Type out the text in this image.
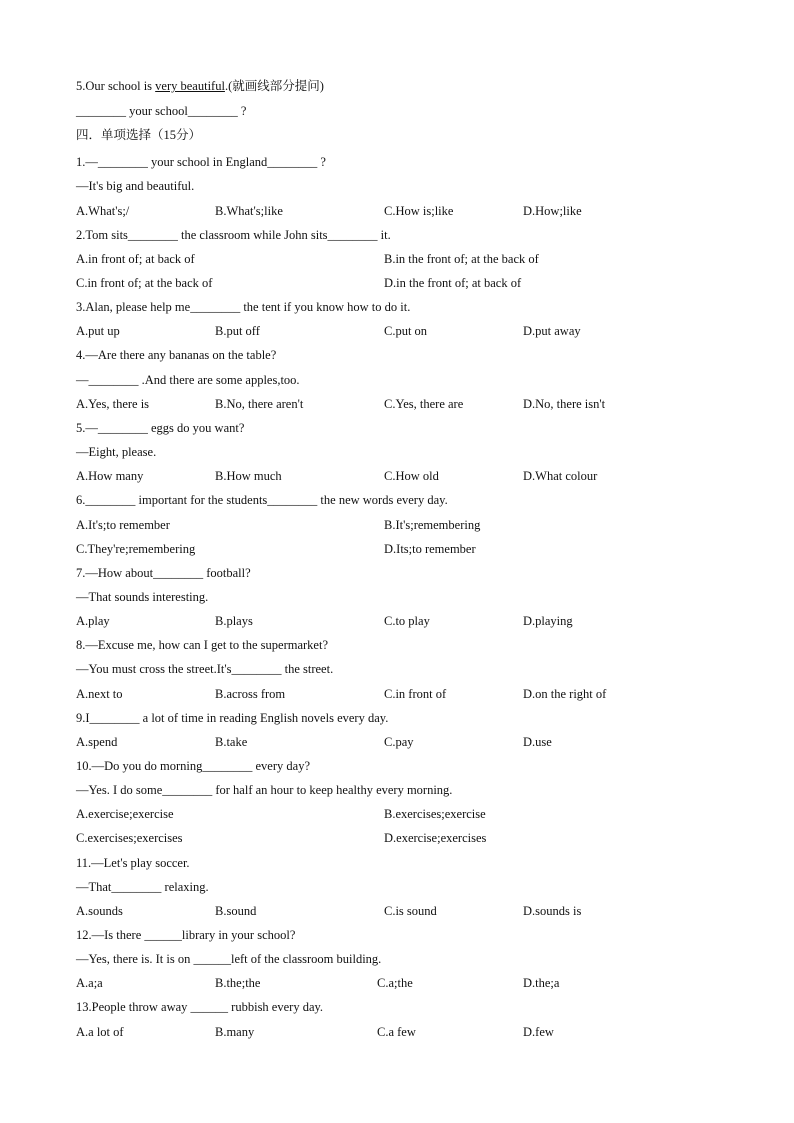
5.Our school is very beautiful.(就画线部分提问)
________ your school________ ?
四．单项选择（15分）
1.—________ your school in England________ ?
—It's big and beautiful.
A.What's;/	B.What's;like	C.How is;like	D.How;like
2.Tom sits________ the classroom while John sits________ it.
A.in front of; at back of	B.in the front of; at the back of
C.in front of; at the back of	D.in the front of; at back of
3.Alan, please help me________ the tent if you know how to do it.
A.put up	B.put off	C.put on	D.put away
4.—Are there any bananas on the table?
—________ .And there are some apples,too.
A.Yes, there is	B.No, there aren't	C.Yes, there are	D.No, there isn't
5.—________ eggs do you want?
—Eight, please.
A.How many	B.How much	C.How old	D.What colour
6.________ important for the students________ the new words every day.
A.It's;to remember	B.It's;remembering
C.They're;remembering	D.Its;to remember
7.—How about________ football?
—That sounds interesting.
A.play	B.plays	C.to play	D.playing
8.—Excuse me, how can I get to the supermarket?
—You must cross the street.It's________ the street.
A.next to	B.across from	C.in front of	D.on the right of
9.I________ a lot of time in reading English novels every day.
A.spend	B.take	C.pay	D.use
10.—Do you do morning________ every day?
—Yes. I do some________ for half an hour to keep healthy every morning.
A.exercise;exercise	B.exercises;exercise
C.exercises;exercises	D.exercise;exercises
11.—Let's play soccer.
—That________ relaxing.
A.sounds	B.sound	C.is sound	D.sounds is
12.—Is there ______library in your school?
—Yes, there is. It is on ______left of the classroom building.
A.a;a	B.the;the	C.a;the	D.the;a
13.People throw away ______ rubbish every day.
A.a lot of	B.many	C.a few	D.few
